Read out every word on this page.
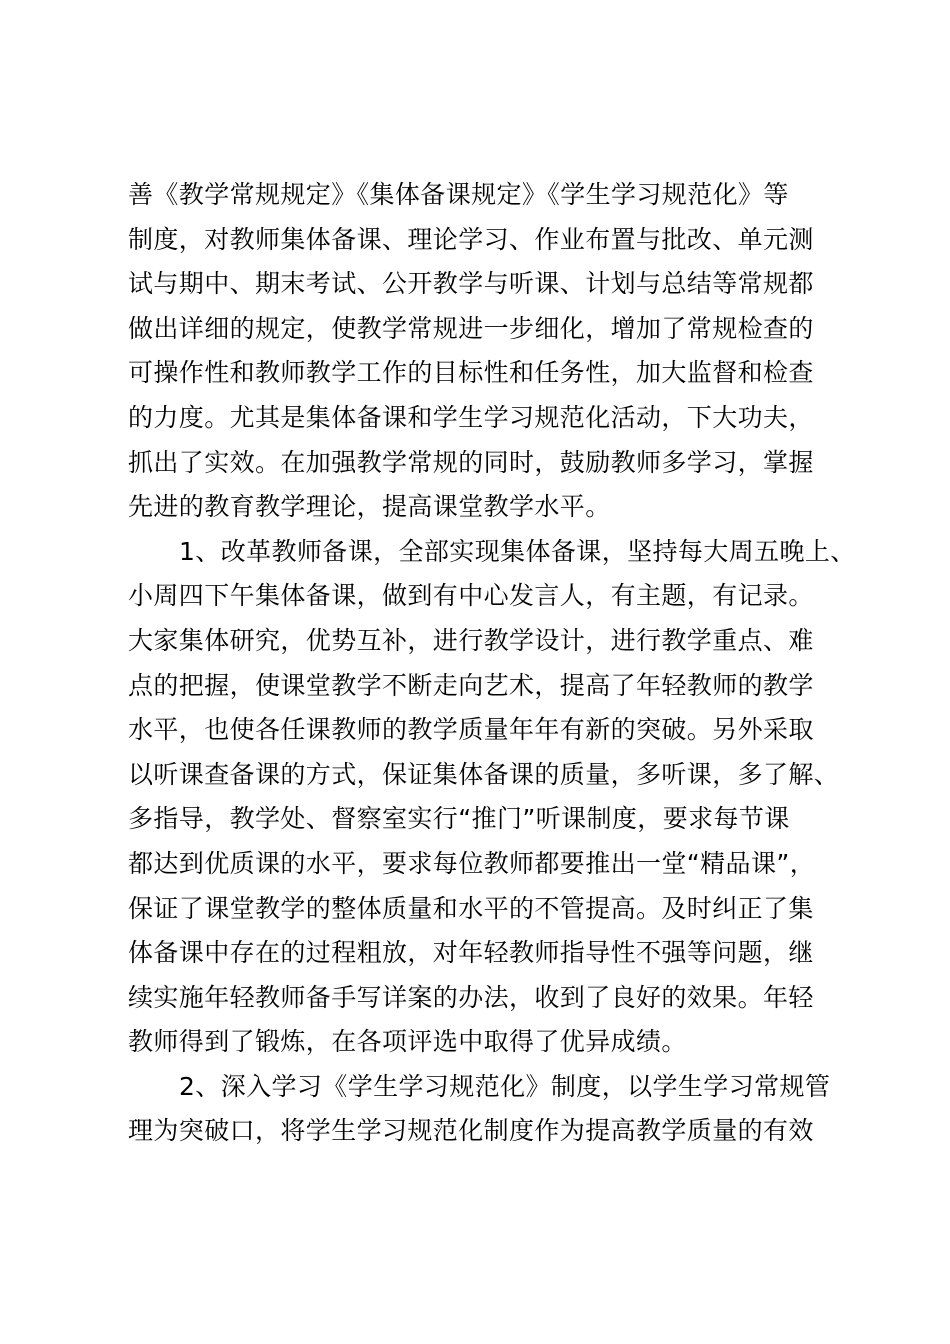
善《教学常规规定》《集体备课规定》《学生学习规范化》等
制度，对教师集体备课、理论学习、作业布置与批改、单元测
试与期中、期末考试、公开教学与听课、计划与总结等常规都
做出详细的规定，使教学常规进一步细化，增加了常规检查的
可操作性和教师教学工作的目标性和任务性，加大监督和检查
的力度。尤其是集体备课和学生学习规范化活动，下大功夫，
抓出了实效。在加强教学常规的同时，鼓励教师多学习，掌握
先进的教育教学理论，提高课堂教学水平。
1、改革教师备课，全部实现集体备课，坚持每大周五晚上、
小周四下午集体备课，做到有中心发言人，有主题，有记录。
大家集体研究，优势互补，进行教学设计，进行教学重点、难
点的把握，使课堂教学不断走向艺术，提高了年轻教师的教学
水平，也使各任课教师的教学质量年年有新的突破。另外采取
以听课查备课的方式，保证集体备课的质量，多听课，多了解、
多指导，教学处、督察室实行“推门”听课制度，要求每节课
都达到优质课的水平，要求每位教师都要推出一堂“精品课”，
保证了课堂教学的整体质量和水平的不管提高。及时纠正了集
体备课中存在的过程粗放，对年轻教师指导性不强等问题，继
续实施年轻教师备手写详案的办法，收到了良好的效果。年轻
教师得到了锻炼，在各项评选中取得了优异成绩。
2、深入学习《学生学习规范化》制度，以学生学习常规管
理为突破口，将学生学习规范化制度作为提高教学质量的有效
